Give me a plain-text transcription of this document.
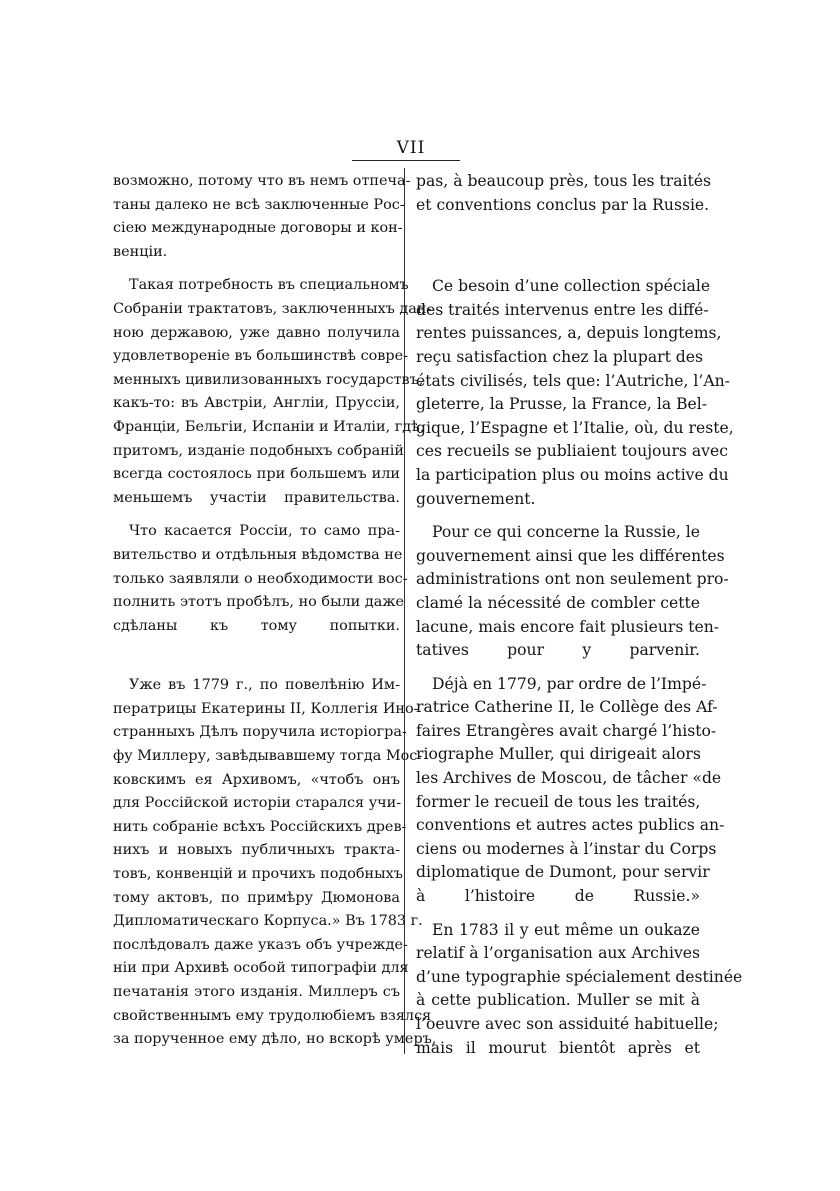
VII

возможно, потому что въ немъ отпеча-
таны далеко не всѣ заключенные Рос-
сiею международные договоры и кон-
венцiи.

Такая потребность въ специальномъ
Собранiи трактатовъ, заключенныхъ дан-
ною державою, уже давно получила
удовлетворенiе въ большинствѣ совре-
менныхъ цивилизованныхъ государствъ,
какъ-то: въ Австрiи, Англiи, Пруссiи,
Францiи, Бельгiи, Испанiи и Италiи, гдѣ,
притомъ, изданiе подобныхъ собранiй
всегда состоялось при большемъ или
меньшемъ участiи правительства.

Что касается Россiи, то само пра-
вительство и отдѣльныя вѣдомства не
только заявляли о необходимости вос-
полнить этотъ пробѣлъ, но были даже
сдѣланы къ тому попытки.

Уже въ 1779 г., по повелѣнiю Им-
ператрицы Екатерины II, Коллегiя Ино-
странныхъ Дѣлъ поручила исторiогра-
фу Миллеру, завѣдывавшему тогда Мос-
ковскимъ ея Архивомъ, «чтобъ онъ
для Россiйской исторiи старался учи-
нить собранiе всѣхъ Россiйскихъ древ-
нихъ и новыхъ публичныхъ тракта-
товъ, конвенцiй и прочихъ подобныхъ
тому актовъ, по примѣру Дюмонова
Дипломатическаго Корпуса.» Въ 1783 г.
послѣдовалъ даже указъ объ учрежде-
нiи при Архивѣ особой типографiи для
печатанiя этого изданiя. Миллеръ съ
свойственнымъ ему трудолюбiемъ взялся
за порученное ему дѣло, но вскорѣ умеръ,

pas, à beaucoup près, tous les traités
et conventions conclus par la Russie.

Ce besoin d’une collection spéciale
des traités intervenus entre les diffé-
rentes puissances, a, depuis longtems,
reçu satisfaction chez la plupart des
états civilisés, tels que: l’Autriche, l’An-
gleterre, la Prusse, la France, la Bel-
gique, l’Espagne et l’Italie, où, du reste,
ces recueils se publiaient toujours avec
la participation plus ou moins active du
gouvernement.

Pour ce qui concerne la Russie, le
gouvernement ainsi que les différentes
administrations ont non seulement pro-
clamé la nécessité de combler cette
lacune, mais encore fait plusieurs ten-
tatives pour y parvenir.

Déjà en 1779, par ordre de l’Impé-
ratrice Catherine II, le Collège des Af-
faires Etrangères avait chargé l’histo-
riographe Muller, qui dirigeait alors
les Archives de Moscou, de tâcher «de
former le recueil de tous les traités,
conventions et autres actes publics an-
ciens ou modernes à l’instar du Corps
diplomatique de Dumont, pour servir
à l’histoire de Russie.»

En 1783 il y eut même un oukaze
relatif à l’organisation aux Archives
d’une typographie spécialement destinée
à cette publication. Muller se mit à
l’oeuvre avec son assiduité habituelle;
mais il mourut bientôt après et
